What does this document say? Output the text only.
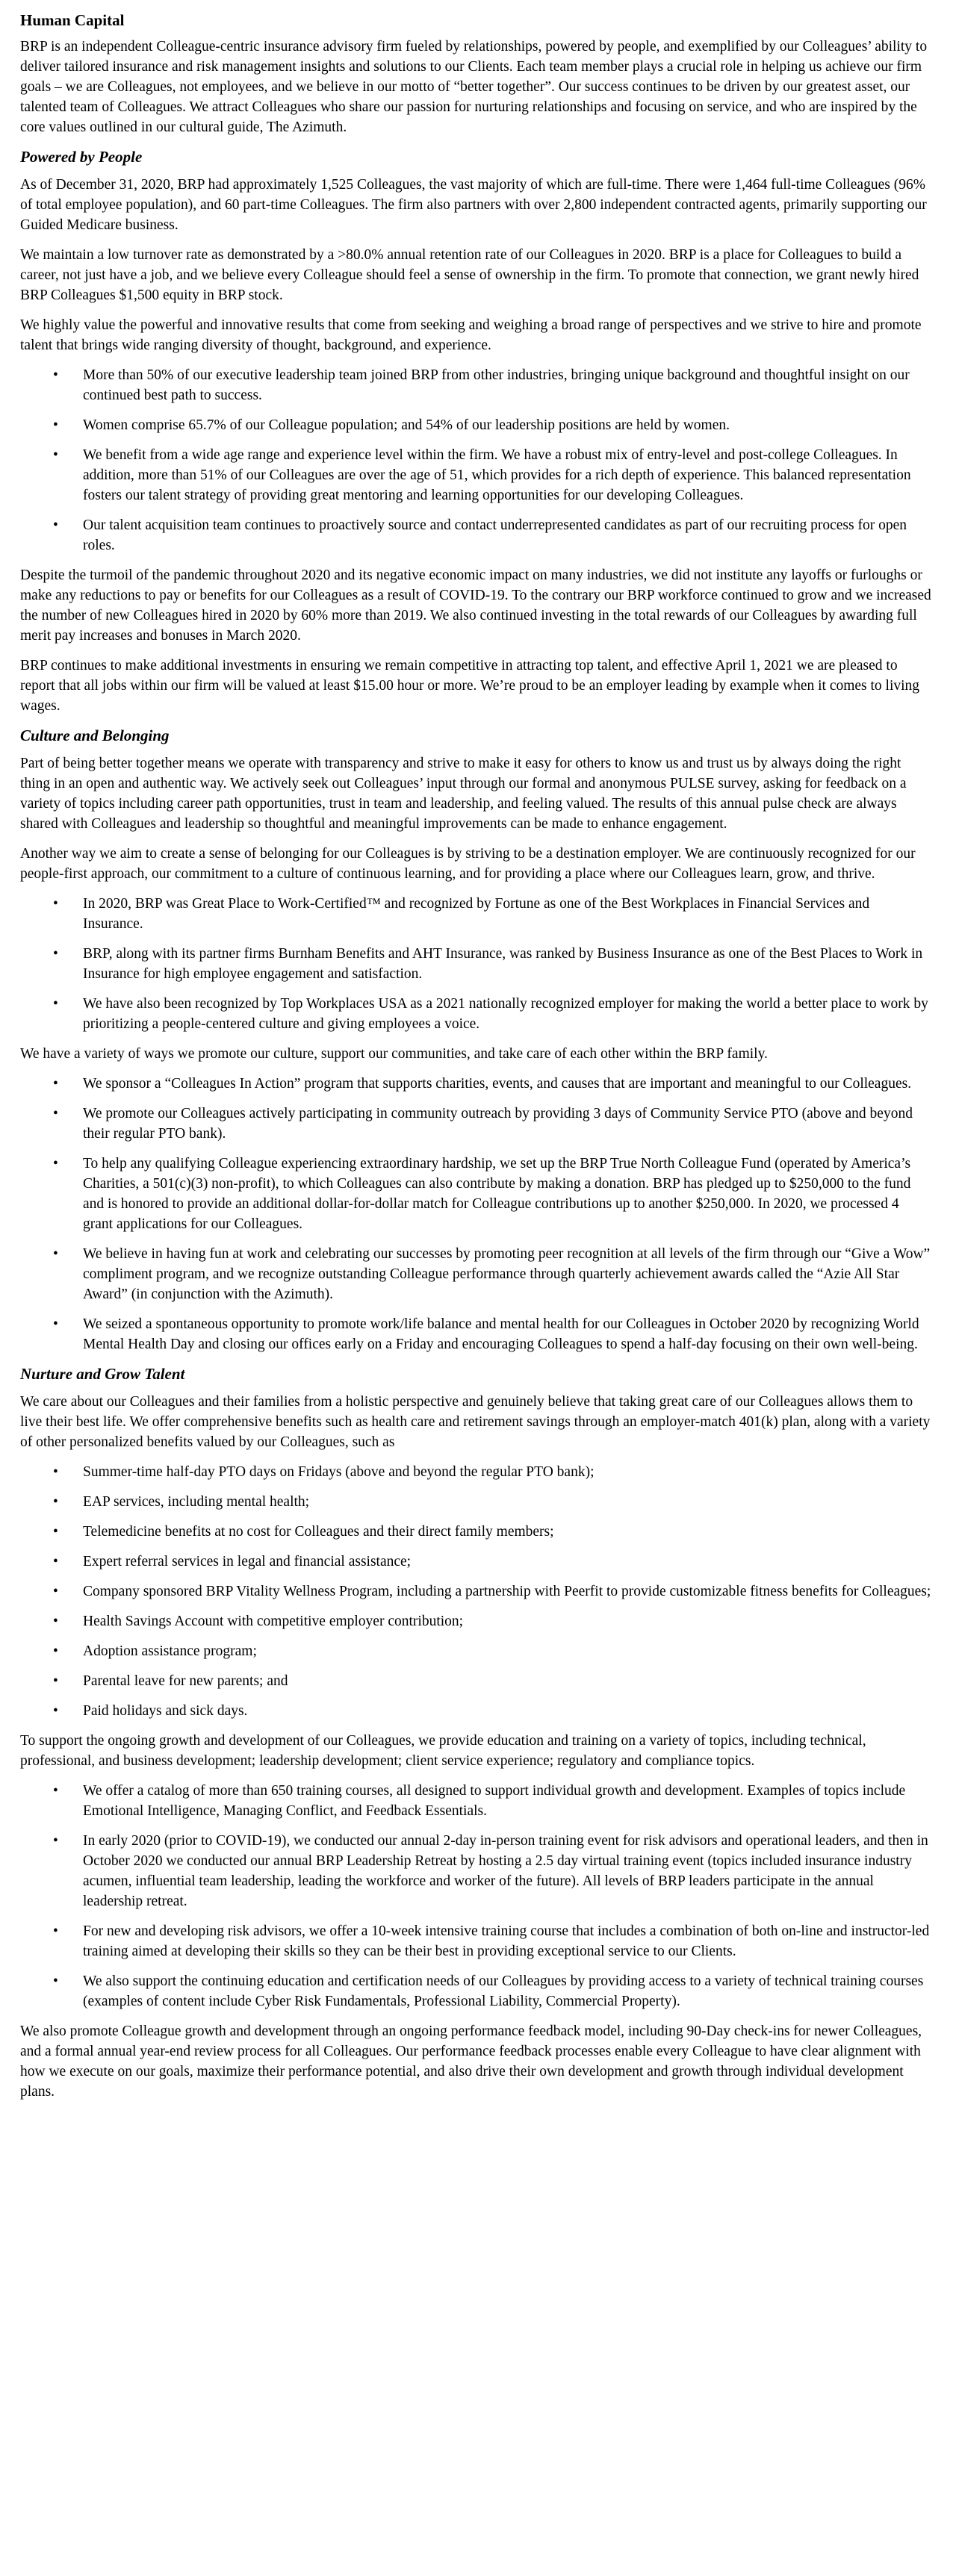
Human Capital

BRP is an independent Colleague-centric insurance advisory firm fueled by relationships, powered by people, and exemplified by our Colleagues’ ability to deliver tailored insurance and risk management insights and solutions to our Clients. Each team member plays a crucial role in helping us achieve our firm goals – we are Colleagues, not employees, and we believe in our motto of “better together”. Our success continues to be driven by our greatest asset, our talented team of Colleagues. We attract Colleagues who share our passion for nurturing relationships and focusing on service, and who are inspired by the core values outlined in our cultural guide, The Azimuth.

Powered by People

As of December 31, 2020, BRP had approximately 1,525 Colleagues, the vast majority of which are full-time. There were 1,464 full-time Colleagues (96% of total employee population), and 60 part-time Colleagues. The firm also partners with over 2,800 independent contracted agents, primarily supporting our Guided Medicare business.

We maintain a low turnover rate as demonstrated by a >80.0% annual retention rate of our Colleagues in 2020. BRP is a place for Colleagues to build a career, not just have a job, and we believe every Colleague should feel a sense of ownership in the firm. To promote that connection, we grant newly hired BRP Colleagues $1,500 equity in BRP stock.

We highly value the powerful and innovative results that come from seeking and weighing a broad range of perspectives and we strive to hire and promote talent that brings wide ranging diversity of thought, background, and experience.

• More than 50% of our executive leadership team joined BRP from other industries, bringing unique background and thoughtful insight on our continued best path to success.
• Women comprise 65.7% of our Colleague population; and 54% of our leadership positions are held by women.
• We benefit from a wide age range and experience level within the firm. We have a robust mix of entry-level and post-college Colleagues. In addition, more than 51% of our Colleagues are over the age of 51, which provides for a rich depth of experience. This balanced representation fosters our talent strategy of providing great mentoring and learning opportunities for our developing Colleagues.
• Our talent acquisition team continues to proactively source and contact underrepresented candidates as part of our recruiting process for open roles.

Despite the turmoil of the pandemic throughout 2020 and its negative economic impact on many industries, we did not institute any layoffs or furloughs or make any reductions to pay or benefits for our Colleagues as a result of COVID-19. To the contrary our BRP workforce continued to grow and we increased the number of new Colleagues hired in 2020 by 60% more than 2019. We also continued investing in the total rewards of our Colleagues by awarding full merit pay increases and bonuses in March 2020.

BRP continues to make additional investments in ensuring we remain competitive in attracting top talent, and effective April 1, 2021 we are pleased to report that all jobs within our firm will be valued at least $15.00 hour or more. We’re proud to be an employer leading by example when it comes to living wages.

Culture and Belonging

Part of being better together means we operate with transparency and strive to make it easy for others to know us and trust us by always doing the right thing in an open and authentic way. We actively seek out Colleagues’ input through our formal and anonymous PULSE survey, asking for feedback on a variety of topics including career path opportunities, trust in team and leadership, and feeling valued. The results of this annual pulse check are always shared with Colleagues and leadership so thoughtful and meaningful improvements can be made to enhance engagement.

Another way we aim to create a sense of belonging for our Colleagues is by striving to be a destination employer. We are continuously recognized for our people-first approach, our commitment to a culture of continuous learning, and for providing a place where our Colleagues learn, grow, and thrive.

• In 2020, BRP was Great Place to Work-Certified™ and recognized by Fortune as one of the Best Workplaces in Financial Services and Insurance.
• BRP, along with its partner firms Burnham Benefits and AHT Insurance, was ranked by Business Insurance as one of the Best Places to Work in Insurance for high employee engagement and satisfaction.
• We have also been recognized by Top Workplaces USA as a 2021 nationally recognized employer for making the world a better place to work by prioritizing a people-centered culture and giving employees a voice.

We have a variety of ways we promote our culture, support our communities, and take care of each other within the BRP family.

• We sponsor a “Colleagues In Action” program that supports charities, events, and causes that are important and meaningful to our Colleagues.
• We promote our Colleagues actively participating in community outreach by providing 3 days of Community Service PTO (above and beyond their regular PTO bank).
• To help any qualifying Colleague experiencing extraordinary hardship, we set up the BRP True North Colleague Fund (operated by America’s Charities, a 501(c)(3) non-profit), to which Colleagues can also contribute by making a donation. BRP has pledged up to $250,000 to the fund and is honored to provide an additional dollar-for-dollar match for Colleague contributions up to another $250,000. In 2020, we processed 4 grant applications for our Colleagues.
• We believe in having fun at work and celebrating our successes by promoting peer recognition at all levels of the firm through our “Give a Wow” compliment program, and we recognize outstanding Colleague performance through quarterly achievement awards called the “Azie All Star Award” (in conjunction with the Azimuth).
• We seized a spontaneous opportunity to promote work/life balance and mental health for our Colleagues in October 2020 by recognizing World Mental Health Day and closing our offices early on a Friday and encouraging Colleagues to spend a half-day focusing on their own well-being.
Nurture and Grow Talent

We care about our Colleagues and their families from a holistic perspective and genuinely believe that taking great care of our Colleagues allows them to live their best life. We offer comprehensive benefits such as health care and retirement savings through an employer-match 401(k) plan, along with a variety of other personalized benefits valued by our Colleagues, such as

• Summer-time half-day PTO days on Fridays (above and beyond the regular PTO bank);
• EAP services, including mental health;
• Telemedicine benefits at no cost for Colleagues and their direct family members;
• Expert referral services in legal and financial assistance;
• Company sponsored BRP Vitality Wellness Program, including a partnership with Peerfit to provide customizable fitness benefits for Colleagues;
• Health Savings Account with competitive employer contribution;
• Adoption assistance program;
• Parental leave for new parents; and
• Paid holidays and sick days.

To support the ongoing growth and development of our Colleagues, we provide education and training on a variety of topics, including technical, professional, and business development; leadership development; client service experience; regulatory and compliance topics.

• We offer a catalog of more than 650 training courses, all designed to support individual growth and development. Examples of topics include Emotional Intelligence, Managing Conflict, and Feedback Essentials.
• In early 2020 (prior to COVID-19), we conducted our annual 2-day in-person training event for risk advisors and operational leaders, and then in October 2020 we conducted our annual BRP Leadership Retreat by hosting a 2.5 day virtual training event (topics included insurance industry acumen, influential team leadership, leading the workforce and worker of the future). All levels of BRP leaders participate in the annual leadership retreat.
• For new and developing risk advisors, we offer a 10-week intensive training course that includes a combination of both on-line and instructor-led training aimed at developing their skills so they can be their best in providing exceptional service to our Clients.
• We also support the continuing education and certification needs of our Colleagues by providing access to a variety of technical training courses (examples of content include Cyber Risk Fundamentals, Professional Liability, Commercial Property).

We also promote Colleague growth and development through an ongoing performance feedback model, including 90-Day check-ins for newer Colleagues, and a formal annual year-end review process for all Colleagues. Our performance feedback processes enable every Colleague to have clear alignment with how we execute on our goals, maximize their performance potential, and also drive their own development and growth through individual development plans.
